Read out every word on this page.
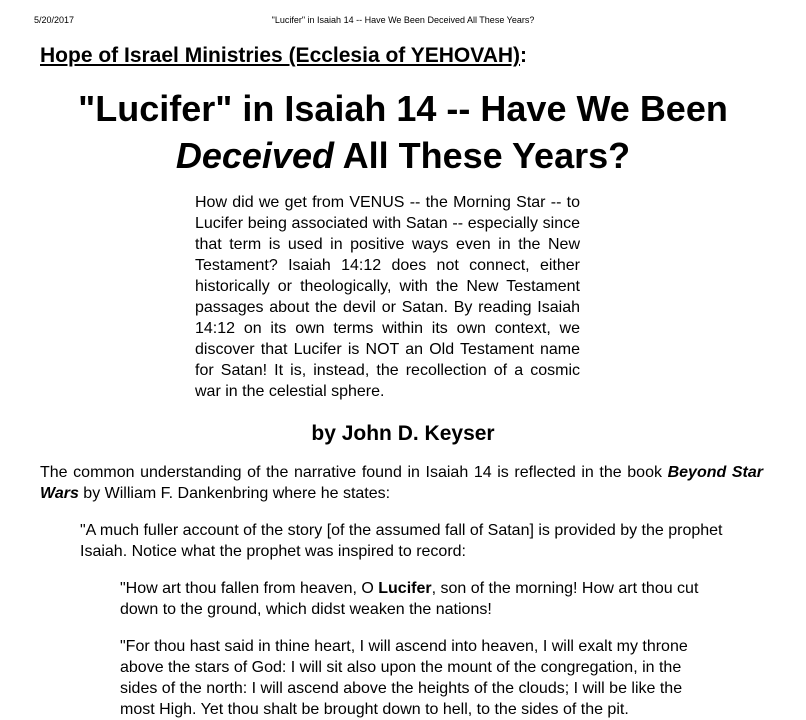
5/20/2017	"Lucifer" in Isaiah 14 -- Have We Been Deceived All These Years?
Hope of Israel Ministries (Ecclesia of YEHOVAH):
"Lucifer" in Isaiah 14 -- Have We Been
Deceived All These Years?

How did we get from VENUS -- the Morning Star -- to Lucifer being associated with Satan -- especially since that term is used in positive ways even in the New Testament? Isaiah 14:12 does not connect, either historically or theologically, with the New Testament passages about the devil or Satan. By reading Isaiah 14:12 on its own terms within its own context, we discover that Lucifer is NOT an Old Testament name for Satan! It is, instead, the recollection of a cosmic war in the celestial sphere.

by John D. Keyser

The common understanding of the narrative found in Isaiah 14 is reflected in the book Beyond Star Wars by William F. Dankenbring where he states:

"A much fuller account of the story [of the assumed fall of Satan] is provided by the prophet Isaiah. Notice what the prophet was inspired to record:

"How art thou fallen from heaven, O Lucifer, son of the morning! How art thou cut down to the ground, which didst weaken the nations!

"For thou hast said in thine heart, I will ascend into heaven, I will exalt my throne above the stars of God: I will sit also upon the mount of the congregation, in the sides of the north: I will ascend above the heights of the clouds; I will be like the most High. Yet thou shalt be brought down to hell, to the sides of the pit.
